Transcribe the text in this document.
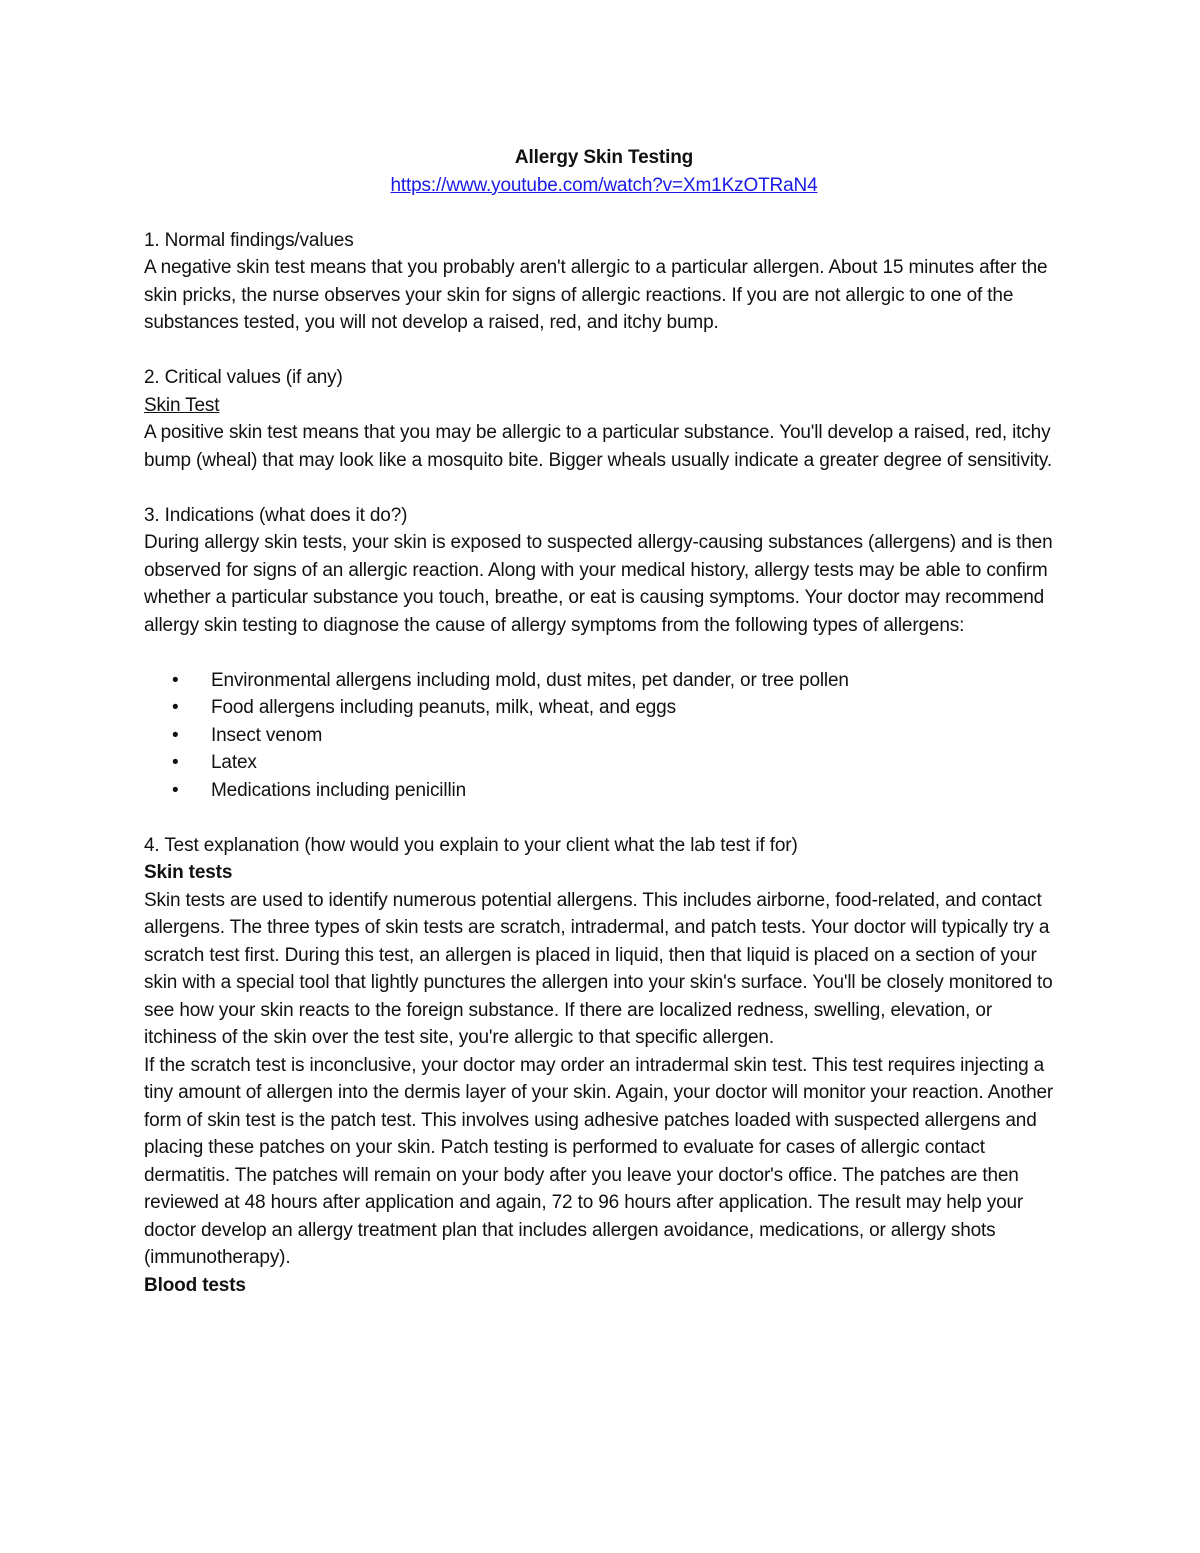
Allergy Skin Testing

https://www.youtube.com/watch?v=Xm1KzOTRaN4

1. Normal findings/values

A negative skin test means that you probably aren't allergic to a particular allergen. About 15 minutes after the skin pricks, the nurse observes your skin for signs of allergic reactions. If you are not allergic to one of the substances tested, you will not develop a raised, red, and itchy bump.

2. Critical values (if any)

Skin Test

A positive skin test means that you may be allergic to a particular substance. You'll develop a raised, red, itchy bump (wheal) that may look like a mosquito bite. Bigger wheals usually indicate a greater degree of sensitivity.

3. Indications (what does it do?)

During allergy skin tests, your skin is exposed to suspected allergy-causing substances (allergens) and is then observed for signs of an allergic reaction. Along with your medical history, allergy tests may be able to confirm whether a particular substance you touch, breathe, or eat is causing symptoms. Your doctor may recommend allergy skin testing to diagnose the cause of allergy symptoms from the following types of allergens:

• Environmental allergens including mold, dust mites, pet dander, or tree pollen
• Food allergens including peanuts, milk, wheat, and eggs
• Insect venom
• Latex
• Medications including penicillin

4. Test explanation (how would you explain to your client what the lab test if for)

Skin tests

Skin tests are used to identify numerous potential allergens. This includes airborne, food-related, and contact allergens. The three types of skin tests are scratch, intradermal, and patch tests. Your doctor will typically try a scratch test first. During this test, an allergen is placed in liquid, then that liquid is placed on a section of your skin with a special tool that lightly punctures the allergen into your skin's surface. You'll be closely monitored to see how your skin reacts to the foreign substance. If there are localized redness, swelling, elevation, or itchiness of the skin over the test site, you're allergic to that specific allergen.

If the scratch test is inconclusive, your doctor may order an intradermal skin test. This test requires injecting a tiny amount of allergen into the dermis layer of your skin. Again, your doctor will monitor your reaction. Another form of skin test is the patch test. This involves using adhesive patches loaded with suspected allergens and placing these patches on your skin. Patch testing is performed to evaluate for cases of allergic contact dermatitis. The patches will remain on your body after you leave your doctor's office. The patches are then reviewed at 48 hours after application and again, 72 to 96 hours after application. The result may help your doctor develop an allergy treatment plan that includes allergen avoidance, medications, or allergy shots (immunotherapy).

Blood tests
